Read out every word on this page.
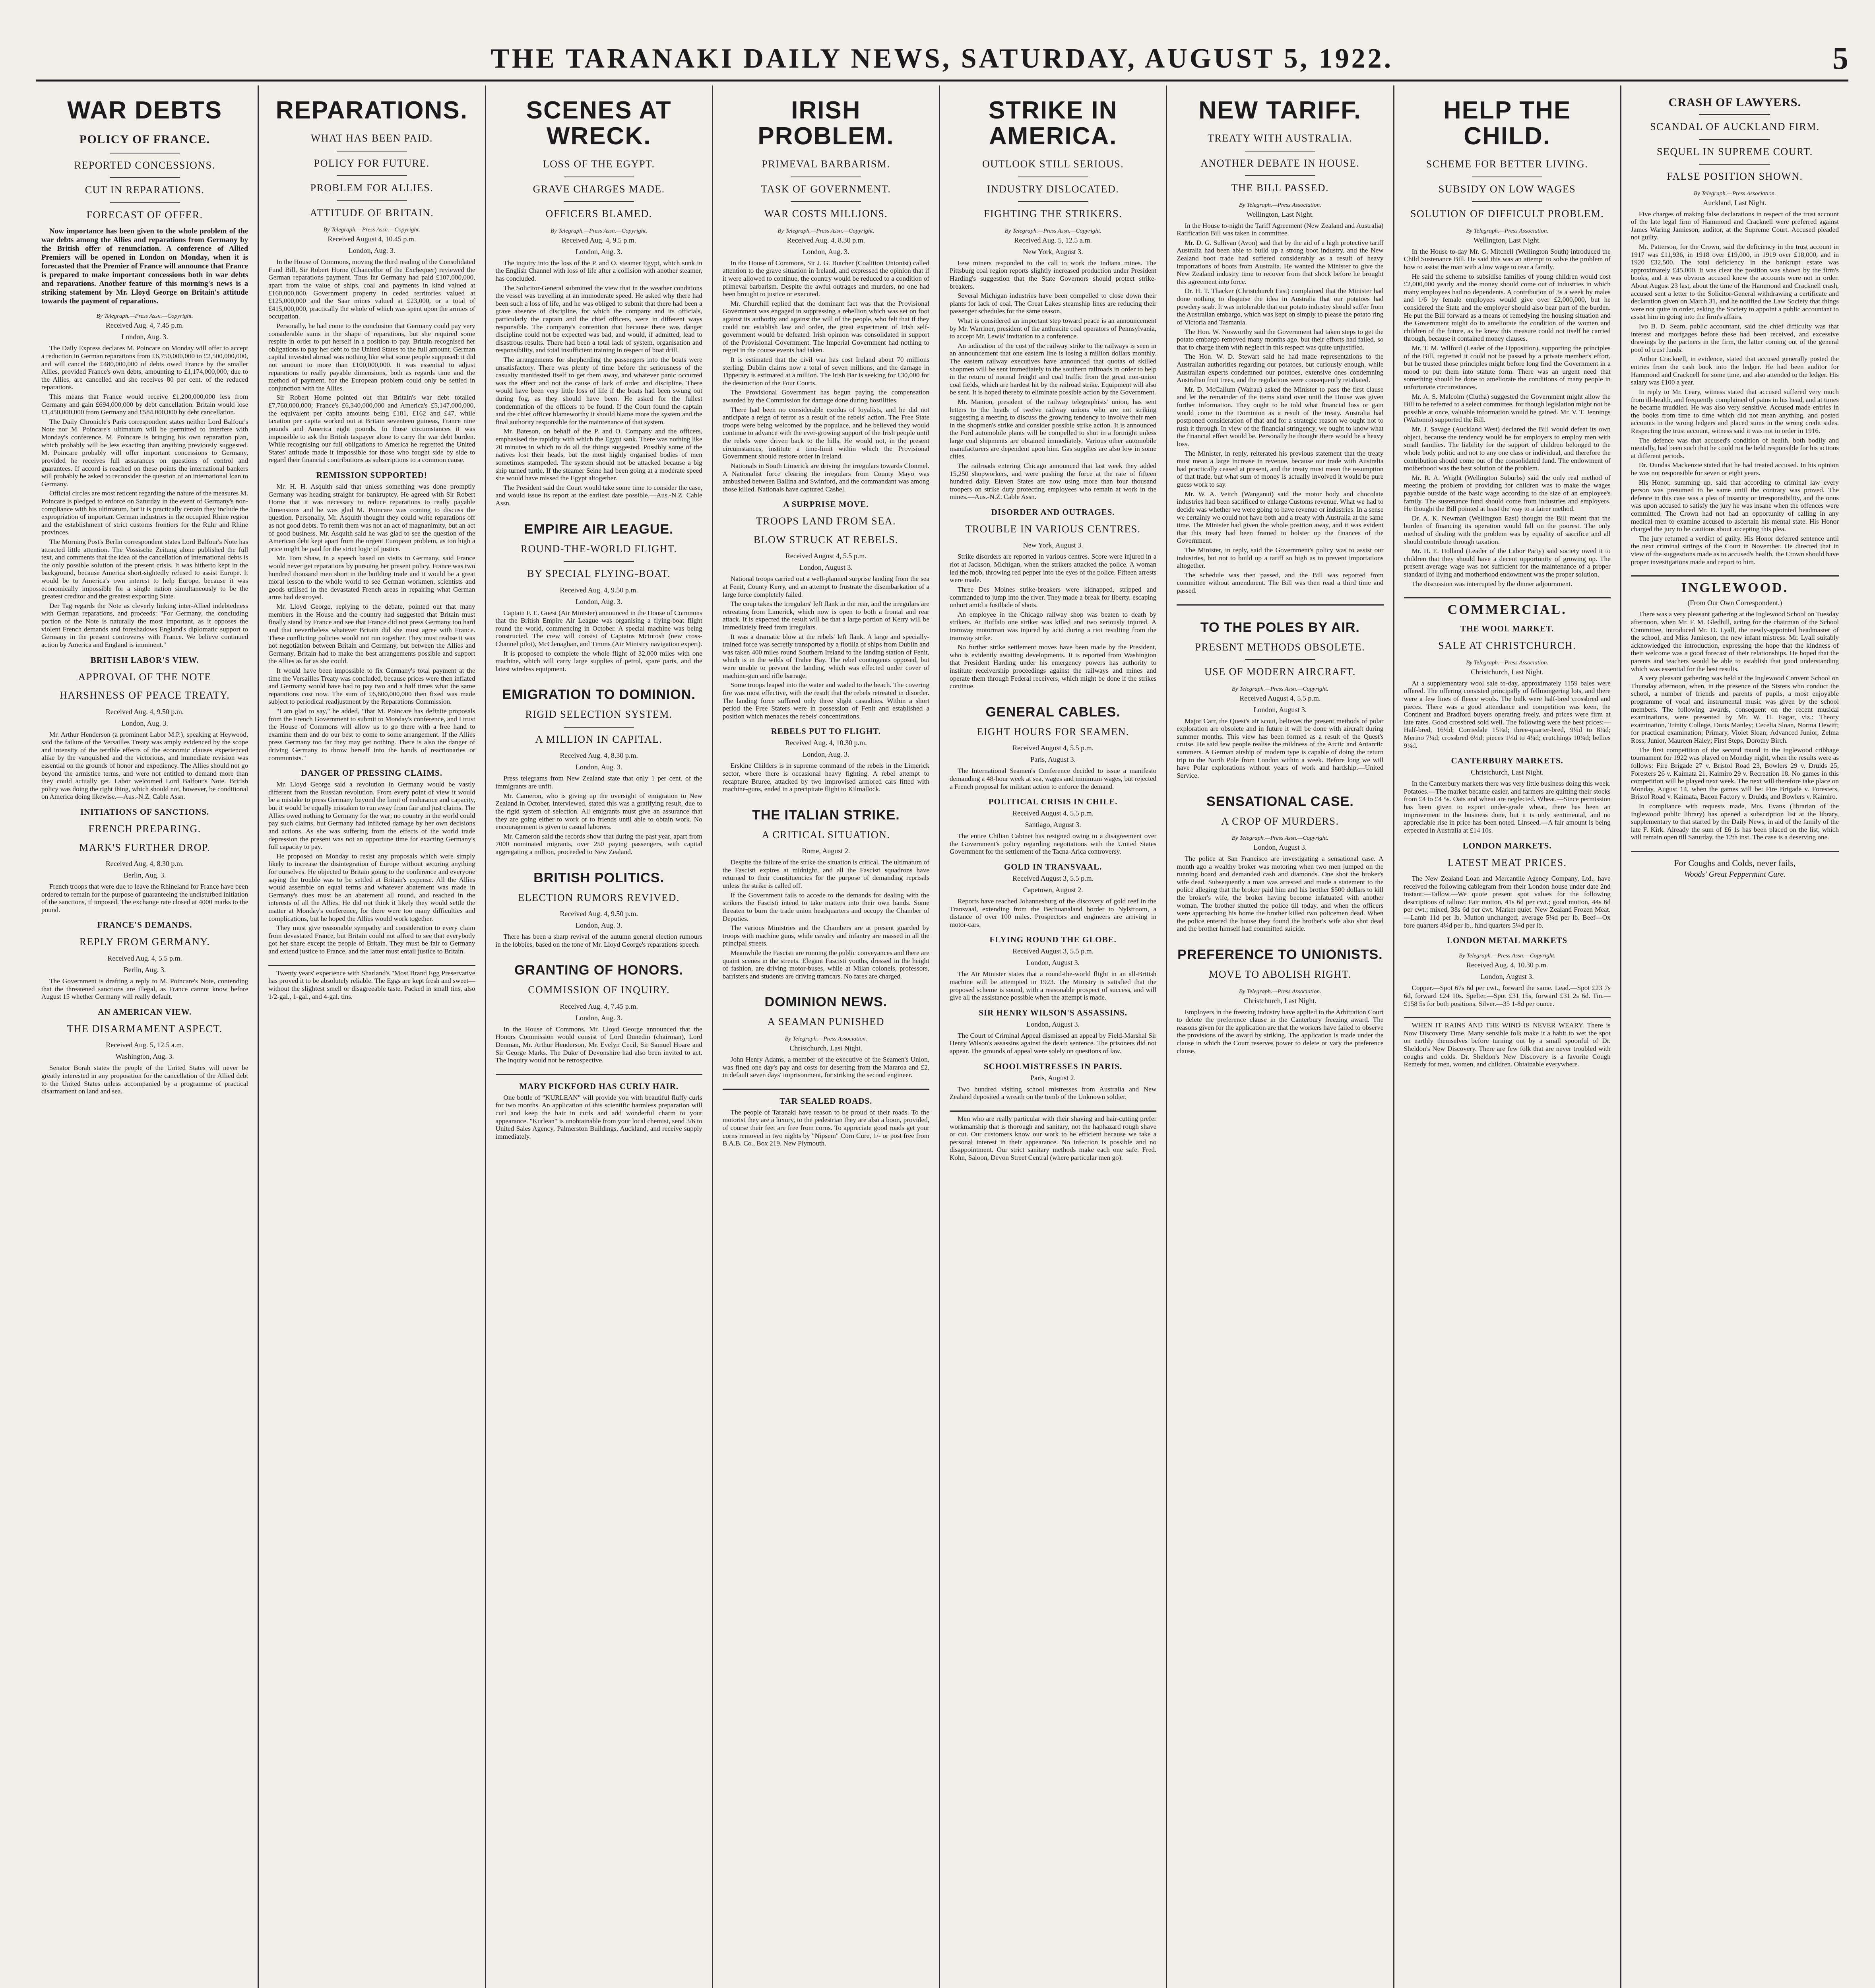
THE TARANAKI DAILY NEWS, SATURDAY, AUGUST 5, 1922.	5
WAR DEBTS
POLICY OF FRANCE.
REPORTED CONCESSIONS.
CUT IN REPARATIONS.
FORECAST OF OFFER.
Now importance has been given to the whole problem of the war debts among the Allies and reparations from Germany by the British offer of renunciation. A conference of Allied Premiers will be opened in London on Monday, when it is forecasted that the Premier of France will announce that France is prepared to make important concessions both in war debts and reparations. Another feature of this morning's news is a striking statement by Mr. Lloyd George on Britain's attitude towards the payment of reparations.
By Telegraph.—Press Assn.—Copyright.
Received Aug. 4, 7.45 p.m.
London, Aug. 3.

The Daily Express declares M. Poincare on Monday will offer to accept a reduction in German reparations from £6,750,000,000 to £2,500,000,000, and will cancel the £480,000,000 of debts owed France by the smaller Allies, provided France's own debts, amounting to £1,174,000,000, due to the Allies, are cancelled and she receives 80 per cent. of the reduced reparations.

This means that France would receive £1,200,000,000 less from Germany and gain £694,000,000 by debt cancellation. Britain would lose £1,450,000,000 from Germany and £584,000,000 by debt cancellation.

The Daily Chronicle's Paris correspondent states neither Lord Balfour's Note nor M. Poincare's ultimatum will be permitted to interfere with Monday's conference. M. Poincare is bringing his own reparation plan, which probably will be less exacting than anything previously suggested. M. Poincare probably will offer important concessions to Germany, provided he receives full assurances on questions of control and guarantees. If accord is reached on these points the international bankers will probably be asked to reconsider the question of an international loan to Germany.

Official circles are most reticent regarding the nature of the measures M. Poincare is pledged to enforce on Saturday in the event of Germany's non-compliance with his ultimatum, but it is practically certain they include the expropriation of important German industries in the occupied Rhine region and the establishment of strict customs frontiers for the Ruhr and Rhine provinces.

The Morning Post's Berlin correspondent states Lord Balfour's Note has attracted little attention. The Vossische Zeitung alone published the full text, and comments that the idea of the cancellation of international debts is the only possible solution of the present crisis. It was hitherto kept in the background, because America short-sightedly refused to assist Europe. It would be to America's own interest to help Europe, because it was economically impossible for a single nation simultaneously to be the greatest creditor and the greatest exporting State.

Der Tag regards the Note as cleverly linking inter-Allied indebtedness with German reparations, and proceeds: "For Germany, the concluding portion of the Note is naturally the most important, as it opposes the violent French demands and foreshadows England's diplomatic support to Germany in the present controversy with France. We believe continued action by America and England is imminent."

BRITISH LABOR'S VIEW.
APPROVAL OF THE NOTE
HARSHNESS OF PEACE TREATY.
Received Aug. 4, 9.50 p.m.
London, Aug. 3.

Mr. Arthur Henderson (a prominent Labor M.P.), speaking at Heywood, said the failure of the Versailles Treaty was amply evidenced by the scope and intensity of the terrible effects of the economic clauses experienced alike by the vanquished and the victorious, and immediate revision was essential on the grounds of honor and expediency. The Allies should not go beyond the armistice terms, and were not entitled to demand more than they could actually get. Labor welcomed Lord Balfour's Note. British policy was doing the right thing, which should not, however, be conditional on America doing likewise.—Aus.-N.Z. Cable Assn.

INITIATIONS OF SANCTIONS.
FRENCH PREPARING.
MARK'S FURTHER DROP.
Received Aug. 4, 8.30 p.m.
Berlin, Aug. 3.

French troops that were due to leave the Rhineland for France have been ordered to remain for the purpose of guaranteeing the undisturbed initiation of the sanctions, if imposed. The exchange rate closed at 4000 marks to the pound.

FRANCE'S DEMANDS.
REPLY FROM GERMANY.
Received Aug. 4, 5.5 p.m.
Berlin, Aug. 3.

The Government is drafting a reply to M. Poincare's Note, contending that the threatened sanctions are illegal, as France cannot know before August 15 whether Germany will really default.

AN AMERICAN VIEW.
THE DISARMAMENT ASPECT.
Received Aug. 5, 12.5 a.m.
Washington, Aug. 3.

Senator Borah states the people of the United States will never be greatly interested in any proposition for the cancellation of the Allied debt to the United States unless accompanied by a programme of practical disarmament on land and sea.

REPARATIONS.
WHAT HAS BEEN PAID.
POLICY FOR FUTURE.
PROBLEM FOR ALLIES.
ATTITUDE OF BRITAIN.
By Telegraph.—Press Assn.—Copyright.
Received August 4, 10.45 p.m.
London, Aug. 3.

In the House of Commons, moving the third reading of the Consolidated Fund Bill, Sir Robert Horne (Chancellor of the Exchequer) reviewed the German reparations payment. Thus far Germany had paid £107,000,000, apart from the value of ships, coal and payments in kind valued at £160,000,000. Government property in ceded territories valued at £125,000,000 and the Saar mines valued at £23,000, or a total of £415,000,000, practically the whole of which was spent upon the armies of occupation.

Personally, he had come to the conclusion that Germany could pay very considerable sums in the shape of reparations, but she required some respite in order to put herself in a position to pay. Britain recognised her obligations to pay her debt to the United States to the full amount. German capital invested abroad was nothing like what some people supposed: it did not amount to more than £100,000,000. It was essential to adjust reparations to really payable dimensions, both as regards time and the method of payment, for the European problem could only be settled in conjunction with the Allies.

Sir Robert Horne pointed out that Britain's war debt totalled £7,760,000,000; France's £6,340,000,000 and America's £5,147,000,000, the equivalent per capita amounts being £181, £162 and £47, while taxation per capita worked out at Britain seventeen guineas, France nine pounds and America eight pounds. In those circumstances it was impossible to ask the British taxpayer alone to carry the war debt burden. While recognising our full obligations to America he regretted the United States' attitude made it impossible for those who fought side by side to regard their financial contributions as subscriptions to a common cause.

REMISSION SUPPORTED!

Mr. H. H. Asquith said that unless something was done promptly Germany was heading straight for bankruptcy. He agreed with Sir Robert Horne that it was necessary to reduce reparations to really payable dimensions and he was glad M. Poincare was coming to discuss the question. Personally, Mr. Asquith thought they could write reparations off as not good debts. To remit them was not an act of magnanimity, but an act of good business. Mr. Asquith said he was glad to see the question of the American debt kept apart from the urgent European problem, as too high a price might be paid for the strict logic of justice.

Mr. Tom Shaw, in a speech based on visits to Germany, said France would never get reparations by pursuing her present policy. France was two hundred thousand men short in the building trade and it would be a great moral lesson to the whole world to see German workmen, scientists and goods utilised in the devastated French areas in repairing what German arms had destroyed.

Mr. Lloyd George, replying to the debate, pointed out that many members in the House and the country had suggested that Britain must finally stand by France and see that France did not press Germany too hard and that nevertheless whatever Britain did she must agree with France. These conflicting policies would not run together. They must realise it was not negotiation between Britain and Germany, but between the Allies and Germany. Britain had to make the best arrangements possible and support the Allies as far as she could.

It would have been impossible to fix Germany's total payment at the time the Versailles Treaty was concluded, because prices were then inflated and Germany would have had to pay two and a half times what the same reparations cost now. The sum of £6,600,000,000 then fixed was made subject to periodical readjustment by the Reparations Commission.

"I am glad to say," he added, "that M. Poincare has definite proposals from the French Government to submit to Monday's conference, and I trust the House of Commons will allow us to go there with a free hand to examine them and do our best to come to some arrangement. If the Allies press Germany too far they may get nothing. There is also the danger of driving Germany to throw herself into the hands of reactionaries or communists."

DANGER OF PRESSING CLAIMS.

Mr. Lloyd George said a revolution in Germany would be vastly different from the Russian revolution. From every point of view it would be a mistake to press Germany beyond the limit of endurance and capacity, but it would be equally mistaken to run away from fair and just claims. The Allies owed nothing to Germany for the war; no country in the world could pay such claims, but Germany had inflicted damage by her own decisions and actions. As she was suffering from the effects of the world trade depression the present was not an opportune time for exacting Germany's full capacity to pay.

He proposed on Monday to resist any proposals which were simply likely to increase the disintegration of Europe without securing anything for ourselves. He objected to Britain going to the conference and everyone saying the trouble was to be settled at Britain's expense. All the Allies would assemble on equal terms and whatever abatement was made in Germany's dues must be an abatement all round, and reached in the interests of all the Allies. He did not think it likely they would settle the matter at Monday's conference, for there were too many difficulties and complications, but he hoped the Allies would work together.

They must give reasonable sympathy and consideration to every claim from devastated France, but Britain could not afford to see that everybody got her share except the people of Britain. They must be fair to Germany and extend justice to France, and the latter must entail justice to Britain.

Twenty years' experience with Sharland's "Most Brand Egg Preservative has proved it to be absolutely reliable. The Eggs are kept fresh and sweet—without the slightest smell or disagreeable taste. Packed in small tins, also 1/2-gal., 1-gal., and 4-gal. tins.

SCENES AT WRECK.
LOSS OF THE EGYPT.
GRAVE CHARGES MADE.
OFFICERS BLAMED.
By Telegraph.—Press Assn.—Copyright.
Received Aug. 4, 9.5 p.m.
London, Aug. 3.

The inquiry into the loss of the P. and O. steamer Egypt, which sunk in the English Channel with loss of life after a collision with another steamer, has concluded.

The Solicitor-General submitted the view that in the weather conditions the vessel was travelling at an immoderate speed. He asked why there had been such a loss of life, and he was obliged to submit that there had been a grave absence of discipline, for which the company and its officials, particularly the captain and the chief officers, were in different ways responsible. The company's contention that because there was danger discipline could not be expected was bad, and would, if admitted, lead to disastrous results. There had been a total lack of system, organisation and responsibility, and total insufficient training in respect of boat drill.

The arrangements for shepherding the passengers into the boats were unsatisfactory. There was plenty of time before the seriousness of the casualty manifested itself to get them away, and whatever panic occurred was the effect and not the cause of lack of order and discipline. There would have been very little loss of life if the boats had been swung out during fog, as they should have been. He asked for the fullest condemnation of the officers to be found. If the Court found the captain and the chief officer blameworthy it should blame more the system and the final authority responsible for the maintenance of that system.

Mr. Bateson, on behalf of the P. and O. Company and the officers, emphasised the rapidity with which the Egypt sank. There was nothing like 20 minutes in which to do all the things suggested. Possibly some of the natives lost their heads, but the most highly organised bodies of men sometimes stampeded. The system should not be attacked because a big ship turned turtle. If the steamer Seine had been going at a moderate speed she would have missed the Egypt altogether.

The President said the Court would take some time to consider the case, and would issue its report at the earliest date possible.—Aus.-N.Z. Cable Assn.

EMPIRE AIR LEAGUE.
ROUND-THE-WORLD FLIGHT.
BY SPECIAL FLYING-BOAT.
Received Aug. 4, 9.50 p.m.
London, Aug. 3.

Captain F. E. Guest (Air Minister) announced in the House of Commons that the British Empire Air League was organising a flying-boat flight round the world, commencing in October. A special machine was being constructed. The crew will consist of Captains McIntosh (new cross-Channel pilot), McClenaghan, and Timms (Air Ministry navigation expert).

It is proposed to complete the whole flight of 32,000 miles with one machine, which will carry large supplies of petrol, spare parts, and the latest wireless equipment.

EMIGRATION TO DOMINION.
RIGID SELECTION SYSTEM.
A MILLION IN CAPITAL.
Received Aug. 4, 8.30 p.m.
London, Aug. 3.

Press telegrams from New Zealand state that only 1 per cent. of the immigrants are unfit.

Mr. Cameron, who is giving up the oversight of emigration to New Zealand in October, interviewed, stated this was a gratifying result, due to the rigid system of selection. All emigrants must give an assurance that they are going either to work or to friends until able to obtain work. No encouragement is given to casual laborers.

Mr. Cameron said the records show that during the past year, apart from 7000 nominated migrants, over 250 paying passengers, with capital aggregating a million, proceeded to New Zealand.

BRITISH POLITICS.
ELECTION RUMORS REVIVED.
Received Aug. 4, 9.50 p.m.
London, Aug. 3.

There has been a sharp revival of the autumn general election rumours in the lobbies, based on the tone of Mr. Lloyd George's reparations speech.

GRANTING OF HONORS.
COMMISSION OF INQUIRY.
Received Aug. 4, 7.45 p.m.
London, Aug. 3.

In the House of Commons, Mr. Lloyd George announced that the Honors Commission would consist of Lord Dunedin (chairman), Lord Denman, Mr. Arthur Henderson, Mr. Evelyn Cecil, Sir Samuel Hoare and Sir George Marks. The Duke of Devonshire had also been invited to act. The inquiry would not be retrospective.

MARY PICKFORD HAS CURLY HAIR.

One bottle of "KURLEAN" will provide you with beautiful fluffy curls for two months. An application of this scientific harmless preparation will curl and keep the hair in curls and add wonderful charm to your appearance. "Kurlean" is unobtainable from your local chemist, send 3/6 to United Sales Agency, Palmerston Buildings, Auckland, and receive supply immediately.

IRISH PROBLEM.
PRIMEVAL BARBARISM.
TASK OF GOVERNMENT.
WAR COSTS MILLIONS.
By Telegraph.—Press Assn.—Copyright.
Received Aug. 4, 8.30 p.m.
London, Aug. 3.

In the House of Commons, Sir J. G. Butcher (Coalition Unionist) called attention to the grave situation in Ireland, and expressed the opinion that if it were allowed to continue, the country would be reduced to a condition of primeval barbarism. Despite the awful outrages and murders, no one had been brought to justice or executed.

Mr. Churchill replied that the dominant fact was that the Provisional Government was engaged in suppressing a rebellion which was set on foot against its authority and against the will of the people, who felt that if they could not establish law and order, the great experiment of Irish self-government would be defeated. Irish opinion was consolidated in support of the Provisional Government. The Imperial Government had nothing to regret in the course events had taken.

It is estimated that the civil war has cost Ireland about 70 millions sterling. Dublin claims now a total of seven millions, and the damage in Tipperary is estimated at a million. The Irish Bar is seeking for £30,000 for the destruction of the Four Courts.

The Provisional Government has begun paying the compensation awarded by the Commission for damage done during hostilities.

There had been no considerable exodus of loyalists, and he did not anticipate a reign of terror as a result of the rebels' action. The Free State troops were being welcomed by the populace, and he believed they would continue to advance with the ever-growing support of the Irish people until the rebels were driven back to the hills. He would not, in the present circumstances, institute a time-limit within which the Provisional Government should restore order in Ireland.

Nationals in South Limerick are driving the irregulars towards Clonmel. A Nationalist force clearing the irregulars from County Mayo was ambushed between Ballina and Swinford, and the commandant was among those killed. Nationals have captured Cashel.

A SURPRISE MOVE.
TROOPS LAND FROM SEA.
BLOW STRUCK AT REBELS.
Received August 4, 5.5 p.m.
London, August 3.

National troops carried out a well-planned surprise landing from the sea at Fenit, County Kerry, and an attempt to frustrate the disembarkation of a large force completely failed.

The coup takes the irregulars' left flank in the rear, and the irregulars are retreating from Limerick, which now is open to both a frontal and rear attack. It is expected the result will be that a large portion of Kerry will be immediately freed from irregulars.

It was a dramatic blow at the rebels' left flank. A large and specially-trained force was secretly transported by a flotilla of ships from Dublin and was taken 400 miles round Southern Ireland to the landing station of Fenit, which is in the wilds of Tralee Bay. The rebel contingents opposed, but were unable to prevent the landing, which was effected under cover of machine-gun and rifle barrage.

Some troops leaped into the water and waded to the beach. The covering fire was most effective, with the result that the rebels retreated in disorder. The landing force suffered only three slight casualties. Within a short period the Free Staters were in possession of Fenit and established a position which menaces the rebels' concentrations.

REBELS PUT TO FLIGHT.
Received Aug. 4, 10.30 p.m.
London, Aug. 3.

Erskine Childers is in supreme command of the rebels in the Limerick sector, where there is occasional heavy fighting. A rebel attempt to recapture Bruree, attacked by two improvised armored cars fitted with machine-guns, ended in a precipitate flight to Kilmallock.

THE ITALIAN STRIKE.
A CRITICAL SITUATION.
Rome, August 2.

Despite the failure of the strike the situation is critical. The ultimatum of the Fascisti expires at midnight, and all the Fascisti squadrons have returned to their constituencies for the purpose of demanding reprisals unless the strike is called off.

If the Government fails to accede to the demands for dealing with the strikers the Fascisti intend to take matters into their own hands. Some threaten to burn the trade union headquarters and occupy the Chamber of Deputies.

The various Ministries and the Chambers are at present guarded by troops with machine guns, while cavalry and infantry are massed in all the principal streets.

Meanwhile the Fascisti are running the public conveyances and there are quaint scenes in the streets. Elegant Fascisti youths, dressed in the height of fashion, are driving motor-buses, while at Milan colonels, professors, barristers and students are driving tramcars. No fares are charged.

DOMINION NEWS.
A SEAMAN PUNISHED
By Telegraph.—Press Association.
Christchurch, Last Night.

John Henry Adams, a member of the executive of the Seamen's Union, was fined one day's pay and costs for deserting from the Mararoa and £2, in default seven days' imprisonment, for striking the second engineer.

TAR SEALED ROADS.

The people of Taranaki have reason to be proud of their roads. To the motorist they are a luxury, to the pedestrian they are also a boon, provided, of course their feet are free from corns. To appreciate good roads get your corns removed in two nights by "Nipsem" Corn Cure, 1/- or post free from B.A.B. Co., Box 219, New Plymouth.

STRIKE IN AMERICA.
OUTLOOK STILL SERIOUS.
INDUSTRY DISLOCATED.
FIGHTING THE STRIKERS.
By Telegraph.—Press Assn.—Copyright.
Received Aug. 5, 12.5 a.m.
New York, August 3.

Few miners responded to the call to work the Indiana mines. The Pittsburg coal region reports slightly increased production under President Harding's suggestion that the State Governors should protect strike-breakers.

Several Michigan industries have been compelled to close down their plants for lack of coal. The Great Lakes steamship lines are reducing their passenger schedules for the same reason.

What is considered an important step toward peace is an announcement by Mr. Warriner, president of the anthracite coal operators of Pennsylvania, to accept Mr. Lewis' invitation to a conference.

An indication of the cost of the railway strike to the railways is seen in an announcement that one eastern line is losing a million dollars monthly. The eastern railway executives have announced that quotas of skilled shopmen will be sent immediately to the southern railroads in order to help in the return of normal freight and coal traffic from the great non-union coal fields, which are hardest hit by the railroad strike. Equipment will also be sent. It is hoped thereby to eliminate possible action by the Government.

Mr. Manion, president of the railway telegraphists' union, has sent letters to the heads of twelve railway unions who are not striking suggesting a meeting to discuss the growing tendency to involve their men in the shopmen's strike and consider possible strike action. It is announced the Ford automobile plants will be compelled to shut in a fortnight unless large coal shipments are obtained immediately. Various other automobile manufacturers are dependent upon him. Gas supplies are also low in some cities.

The railroads entering Chicago announced that last week they added 15,250 shopworkers, and were pushing the force at the rate of fifteen hundred daily. Eleven States are now using more than four thousand troopers on strike duty protecting employees who remain at work in the mines.—Aus.-N.Z. Cable Assn.

DISORDER AND OUTRAGES.
TROUBLE IN VARIOUS CENTRES.
New York, August 3.

Strike disorders are reported in various centres. Score were injured in a riot at Jackson, Michigan, when the strikers attacked the police. A woman led the mob, throwing red pepper into the eyes of the police. Fifteen arrests were made.

Three Des Moines strike-breakers were kidnapped, stripped and commanded to jump into the river. They made a break for liberty, escaping unhurt amid a fusillade of shots.

An employee in the Chicago railway shop was beaten to death by strikers. At Buffalo one striker was killed and two seriously injured. A tramway motorman was injured by acid during a riot resulting from the tramway strike.

No further strike settlement moves have been made by the President, who is evidently awaiting developments. It is reported from Washington that President Harding under his emergency powers has authority to institute receivership proceedings against the railways and mines and operate them through Federal receivers, which might be done if the strikes continue.

GENERAL CABLES.
EIGHT HOURS FOR SEAMEN.
Received August 4, 5.5 p.m.
Paris, August 3.

The International Seamen's Conference decided to issue a manifesto demanding a 48-hour week at sea, wages and minimum wages, but rejected a French proposal for militant action to enforce the demand.

POLITICAL CRISIS IN CHILE.
Received August 4, 5.5 p.m.
Santiago, August 3.

The entire Chilian Cabinet has resigned owing to a disagreement over the Government's policy regarding negotiations with the United States Government for the settlement of the Tacna-Arica controversy.

GOLD IN TRANSVAAL.
Received August 3, 5.5 p.m.
Capetown, August 2.

Reports have reached Johannesburg of the discovery of gold reef in the Transvaal, extending from the Bechuanaland border to Nylstroom, a distance of over 100 miles. Prospectors and engineers are arriving in motor-cars.

FLYING ROUND THE GLOBE.
Received August 3, 5.5 p.m.
London, August 3.

The Air Minister states that a round-the-world flight in an all-British machine will be attempted in 1923. The Ministry is satisfied that the proposed scheme is sound, with a reasonable prospect of success, and will give all the assistance possible when the attempt is made.

SIR HENRY WILSON'S ASSASSINS.
London, August 3.

The Court of Criminal Appeal dismissed an appeal by Field-Marshal Sir Henry Wilson's assassins against the death sentence. The prisoners did not appear. The grounds of appeal were solely on questions of law.

SCHOOLMISTRESSES IN PARIS.
Paris, August 2.

Two hundred visiting school mistresses from Australia and New Zealand deposited a wreath on the tomb of the Unknown soldier.

Men who are really particular with their shaving and hair-cutting prefer workmanship that is thorough and sanitary, not the haphazard rough shave or cut. Our customers know our work to be efficient because we take a personal interest in their appearance. No infection is possible and no disappointment. Our strict sanitary methods make each one safe. Fred. Kohn, Saloon, Devon Street Central (where particular men go).

NEW TARIFF.
TREATY WITH AUSTRALIA.
ANOTHER DEBATE IN HOUSE.
THE BILL PASSED.
By Telegraph.—Press Association.
Wellington, Last Night.

In the House to-night the Tariff Agreement (New Zealand and Australia) Ratification Bill was taken in committee.

Mr. D. G. Sullivan (Avon) said that by the aid of a high protective tariff Australia had been able to build up a strong boot industry, and the New Zealand boot trade had suffered considerably as a result of heavy importations of boots from Australia. He wanted the Minister to give the New Zealand industry time to recover from that shock before he brought this agreement into force.

Dr. H. T. Thacker (Christchurch East) complained that the Minister had done nothing to disguise the idea in Australia that our potatoes had powdery scab. It was intolerable that our potato industry should suffer from the Australian embargo, which was kept on simply to please the potato ring of Victoria and Tasmania.

The Hon. W. Nosworthy said the Government had taken steps to get the potato embargo removed many months ago, but their efforts had failed, so that to charge them with neglect in this respect was quite unjustified.

The Hon. W. D. Stewart said he had made representations to the Australian authorities regarding our potatoes, but curiously enough, while Australian experts condemned our potatoes, extensive ones condemning Australian fruit trees, and the regulations were consequently retaliated.

Mr. D. McCallum (Wairau) asked the Minister to pass the first clause and let the remainder of the items stand over until the House was given further information. They ought to be told what financial loss or gain would come to the Dominion as a result of the treaty. Australia had postponed consideration of that and for a strategic reason we ought not to rush it through. In view of the financial stringency, we ought to know what the financial effect would be. Personally he thought there would be a heavy loss.

The Minister, in reply, reiterated his previous statement that the treaty must mean a large increase in revenue, because our trade with Australia had practically ceased at present, and the treaty must mean the resumption of that trade, but what sum of money is actually involved it would be pure guess work to say.

Mr. W. A. Veitch (Wanganui) said the motor body and chocolate industries had been sacrificed to enlarge Customs revenue. What we had to decide was whether we were going to have revenue or industries. In a sense we certainly we could not have both and a treaty with Australia at the same time. The Minister had given the whole position away, and it was evident that this treaty had been framed to bolster up the finances of the Government.

The Minister, in reply, said the Government's policy was to assist our industries, but not to build up a tariff so high as to prevent importations altogether.

The schedule was then passed, and the Bill was reported from committee without amendment. The Bill was then read a third time and passed.

TO THE POLES BY AIR.
PRESENT METHODS OBSOLETE.
USE OF MODERN AIRCRAFT.
By Telegraph.—Press Assn.—Copyright.
Received August 4, 5.5 p.m.
London, August 3.

Major Carr, the Quest's air scout, believes the present methods of polar exploration are obsolete and in future it will be done with aircraft during summer months. This view has been formed as a result of the Quest's cruise. He said few people realise the mildness of the Arctic and Antarctic summers. A German airship of modern type is capable of doing the return trip to the North Pole from London within a week. Before long we will have Polar explorations without years of work and hardship.—United Service.

SENSATIONAL CASE.
A CROP OF MURDERS.
By Telegraph.—Press Assn.—Copyright.
London, August 3.

The police at San Francisco are investigating a sensational case. A month ago a wealthy broker was motoring when two men jumped on the running board and demanded cash and diamonds. One shot the broker's wife dead. Subsequently a man was arrested and made a statement to the police alleging that the broker paid him and his brother $500 dollars to kill the broker's wife, the broker having become infatuated with another woman. The brother shutted the police till today, and when the officers were approaching his home the brother killed two policemen dead. When the police entered the house they found the brother's wife also shot dead and the brother himself had committed suicide.

PREFERENCE TO UNIONISTS.
MOVE TO ABOLISH RIGHT.
By Telegraph.—Press Association.
Christchurch, Last Night.

Employers in the freezing industry have applied to the Arbitration Court to delete the preference clause in the Canterbury freezing award. The reasons given for the application are that the workers have failed to observe the provisions of the award by striking. The application is made under the clause in which the Court reserves power to delete or vary the preference clause.

HELP THE CHILD.
SCHEME FOR BETTER LIVING.
SUBSIDY ON LOW WAGES
SOLUTION OF DIFFICULT PROBLEM.
By Telegraph.—Press Association.
Wellington, Last Night.

In the House to-day Mr. G. Mitchell (Wellington South) introduced the Child Sustenance Bill. He said this was an attempt to solve the problem of how to assist the man with a low wage to rear a family.

He said the scheme to subsidise families of young children would cost £2,000,000 yearly and the money should come out of industries in which many employees had no dependents. A contribution of 3s a week by males and 1/6 by female employees would give over £2,000,000, but he considered the State and the employer should also bear part of the burden. He put the Bill forward as a means of remedying the housing situation and the Government might do to ameliorate the condition of the women and children of the future, as he knew this measure could not itself be carried through, because it contained money clauses.

Mr. T. M. Wilford (Leader of the Opposition), supporting the principles of the Bill, regretted it could not be passed by a private member's effort, but he trusted those principles might before long find the Government in a mood to put them into statute form. There was an urgent need that something should be done to ameliorate the conditions of many people in unfortunate circumstances.

Mr. A. S. Malcolm (Clutha) suggested the Government might allow the Bill to be referred to a select committee, for though legislation might not be possible at once, valuable information would be gained. Mr. V. T. Jennings (Waitomo) supported the Bill.

Mr. J. Savage (Auckland West) declared the Bill would defeat its own object, because the tendency would be for employers to employ men with small families. The liability for the support of children belonged to the whole body politic and not to any one class or individual, and therefore the contribution should come out of the consolidated fund. The endowment of motherhood was the best solution of the problem.

Mr. R. A. Wright (Wellington Suburbs) said the only real method of meeting the problem of providing for children was to make the wages payable outside of the basic wage according to the size of an employee's family. The sustenance fund should come from industries and employers. He thought the Bill pointed at least the way to a fairer method.

Dr. A. K. Newman (Wellington East) thought the Bill meant that the burden of financing its operation would fall on the poorest. The only method of dealing with the problem was by equality of sacrifice and all should contribute through taxation.

Mr. H. E. Holland (Leader of the Labor Party) said society owed it to children that they should have a decent opportunity of growing up. The present average wage was not sufficient for the maintenance of a proper standard of living and motherhood endowment was the proper solution.

The discussion was interrupted by the dinner adjournment.

COMMERCIAL.
THE WOOL MARKET.
SALE AT CHRISTCHURCH.
By Telegraph.—Press Association.
Christchurch, Last Night.

At a supplementary wool sale to-day, approximately 1159 bales were offered. The offering consisted principally of fellmongering lots, and there were a few lines of fleece wools. The bulk were half-bred crossbred and pieces. There was a good attendance and competition was keen, the Continent and Bradford buyers operating freely, and prices were firm at late rates. Good crossbred sold well. The following were the best prices:—Half-bred, 16¼d; Corriedale 15¼d; three-quarter-bred, 9¼d to 8¼d; Merino 7¼d; crossbred 6¼d; pieces 1¼d to 4¼d; crutchings 10¼d; bellies 9¼d.

CANTERBURY MARKETS.
Christchurch, Last Night.

In the Canterbury markets there was very little business doing this week. Potatoes.—The market became easier, and farmers are quitting their stocks from £4 to £4 5s. Oats and wheat are neglected. Wheat.—Since permission has been given to export under-grade wheat, there has been an improvement in the business done, but it is only sentimental, and no appreciable rise in price has been noted. Linseed.—A fair amount is being expected in Australia at £14 10s.

LONDON MARKETS.
LATEST MEAT PRICES.

The New Zealand Loan and Mercantile Agency Company, Ltd., have received the following cablegram from their London house under date 2nd instant:—Tallow.—We quote present spot values for the following descriptions of tallow: Fair mutton, 41s 6d per cwt.; good mutton, 44s 6d per cwt.; mixed, 38s 6d per cwt. Market quiet. New Zealand Frozen Meat.—Lamb 11d per lb. Mutton unchanged; average 5¼d per lb. Beef—Ox fore quarters 4¼d per lb., hind quarters 5¼d per lb.

LONDON METAL MARKETS
By Telegraph.—Press Assn.—Copyright.
Received Aug. 4, 10.30 p.m.
London, August 3.

Copper.—Spot 67s 6d per cwt., forward the same. Lead.—Spot £23 7s 6d, forward £24 10s. Spelter.—Spot £31 15s, forward £31 2s 6d. Tin.—£158 5s for both positions. Silver.—35 1-8d per ounce.

WHEN IT RAINS AND THE WIND IS NEVER WEARY. There is Now Discovery Time. Many sensible folk make it a habit to wet the spot on earthly themselves before turning out by a small spoonful of Dr. Sheldon's New Discovery. There are few folk that are never troubled with coughs and colds. Dr. Sheldon's New Discovery is a favorite Cough Remedy for men, women, and children. Obtainable everywhere.

CRASH OF LAWYERS.
SCANDAL OF AUCKLAND FIRM.
SEQUEL IN SUPREME COURT.
FALSE POSITION SHOWN.
By Telegraph.—Press Association.
Auckland, Last Night.

Five charges of making false declarations in respect of the trust account of the late legal firm of Hammond and Cracknell were preferred against James Waring Jamieson, auditor, at the Supreme Court. Accused pleaded not guilty.

Mr. Patterson, for the Crown, said the deficiency in the trust account in 1917 was £11,936, in 1918 over £19,000, in 1919 over £18,000, and in 1920 £32,500. The total deficiency in the bankrupt estate was approximately £45,000. It was clear the position was shown by the firm's books, and it was obvious accused knew the accounts were not in order. About August 23 last, about the time of the Hammond and Cracknell crash, accused sent a letter to the Solicitor-General withdrawing a certificate and declaration given on March 31, and he notified the Law Society that things were not quite in order, asking the Society to appoint a public accountant to assist him in going into the firm's affairs.

Ivo B. D. Seam, public accountant, said the chief difficulty was that interest and mortgages before these had been received, and excessive drawings by the partners in the firm, the latter coming out of the general pool of trust funds.

Arthur Cracknell, in evidence, stated that accused generally posted the entries from the cash book into the ledger. He had been auditor for Hammond and Cracknell for some time, and also attended to the ledger. His salary was £100 a year.

In reply to Mr. Leary, witness stated that accused suffered very much from ill-health, and frequently complained of pains in his head, and at times he became muddled. He was also very sensitive. Accused made entries in the books from time to time which did not mean anything, and posted accounts in the wrong ledgers and placed sums in the wrong credit sides. Respecting the trust account, witness said it was not in order in 1916.

The defence was that accused's condition of health, both bodily and mentally, had been such that he could not be held responsible for his actions at different periods.

Dr. Dundas Mackenzie stated that he had treated accused. In his opinion he was not responsible for seven or eight years.

His Honor, summing up, said that according to criminal law every person was presumed to be same until the contrary was proved. The defence in this case was a plea of insanity or irresponsibility, and the onus was upon accused to satisfy the jury he was insane when the offences were committed. The Crown had not had an opportunity of calling in any medical men to examine accused to ascertain his mental state. His Honor charged the jury to be cautious about accepting this plea.

The jury returned a verdict of guilty. His Honor deferred sentence until the next criminal sittings of the Court in November. He directed that in view of the suggestions made as to accused's health, the Crown should have proper investigations made and report to him.

INGLEWOOD.
(From Our Own Correspondent.)

There was a very pleasant gathering at the Inglewood School on Tuesday afternoon, when Mr. F. M. Gledhill, acting for the chairman of the School Committee, introduced Mr. D. Lyall, the newly-appointed headmaster of the school, and Miss Jamieson, the new infant mistress. Mr. Lyall suitably acknowledged the introduction, expressing the hope that the kindness of their welcome was a good forecast of their relationships. He hoped that the parents and teachers would be able to establish that good understanding which was essential for the best results.

A very pleasant gathering was held at the Inglewood Convent School on Thursday afternoon, when, in the presence of the Sisters who conduct the school, a number of friends and parents of pupils, a most enjoyable programme of vocal and instrumental music was given by the school members. The following awards, consequent on the recent musical examinations, were presented by Mr. W. H. Eagar, viz.: Theory examination, Trinity College, Doris Manley; Cecelia Sloan, Norma Hewitt; for practical examination; Primary, Violet Sloan; Advanced Junior, Zelma Ross; Junior, Maureen Haley; First Steps, Dorothy Birch.

The first competition of the second round in the Inglewood cribbage tournament for 1922 was played on Monday night, when the results were as follows: Fire Brigade 27 v. Bristol Road 23, Bowlers 29 v. Druids 25, Foresters 26 v. Kaimata 21, Kaimiro 29 v. Recreation 18. No games in this competition will be played next week. The next will therefore take place on Monday, August 14, when the games will be: Fire Brigade v. Foresters, Bristol Road v. Kaimata, Bacon Factory v. Druids, and Bowlers v. Kaimiro.

In compliance with requests made, Mrs. Evans (librarian of the Inglewood public library) has opened a subscription list at the library, supplementary to that started by the Daily News, in aid of the family of the late F. Kirk. Already the sum of £6 1s has been placed on the list, which will remain open till Saturday, the 12th inst. The case is a deserving one.

For Coughs and Colds, never fails,
Woods' Great Peppermint Cure.
